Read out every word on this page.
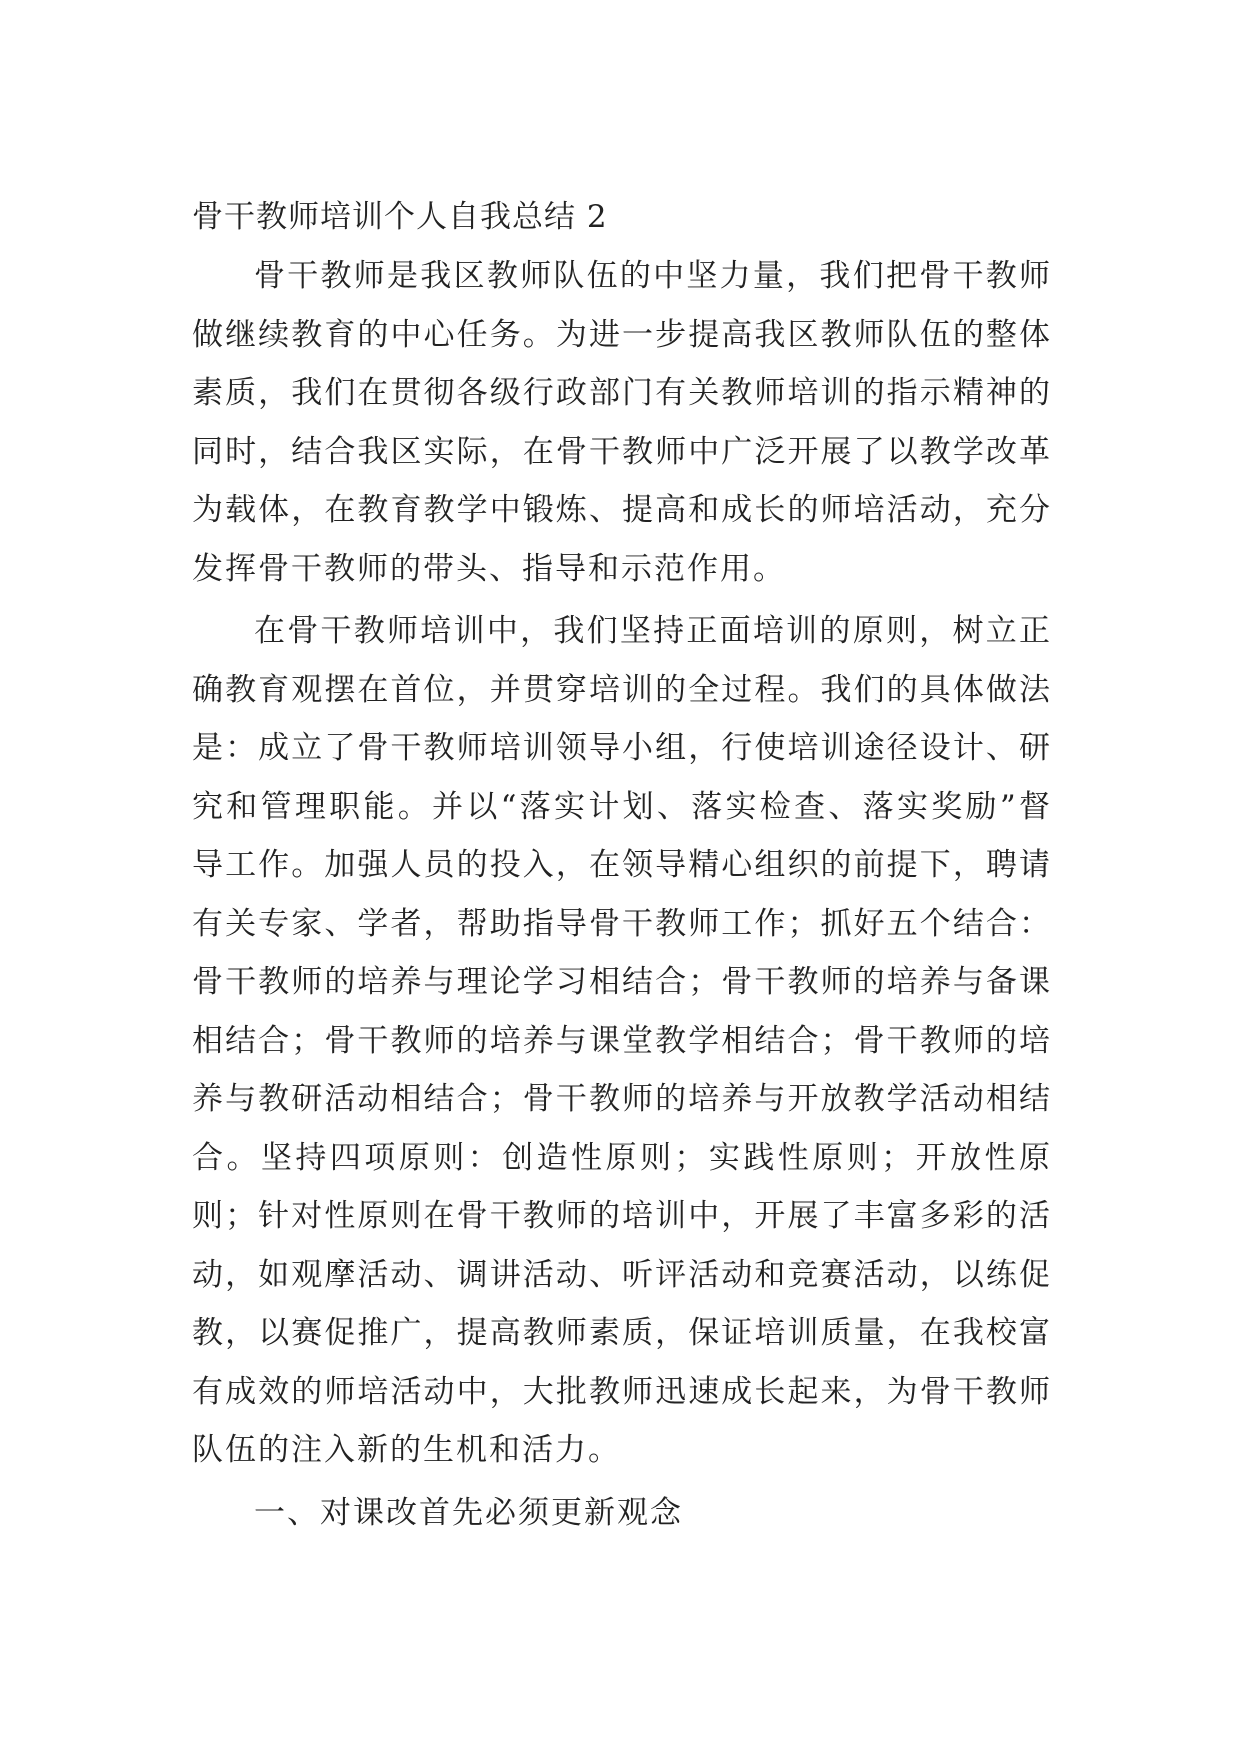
骨干教师培训个人自我总结 2

骨干教师是我区教师队伍的中坚力量，我们把骨干教师做继续教育的中心任务。为进一步提高我区教师队伍的整体素质，我们在贯彻各级行政部门有关教师培训的指示精神的同时，结合我区实际，在骨干教师中广泛开展了以教学改革为载体，在教育教学中锻炼、提高和成长的师培活动，充分发挥骨干教师的带头、指导和示范作用。

在骨干教师培训中，我们坚持正面培训的原则，树立正确教育观摆在首位，并贯穿培训的全过程。我们的具体做法是：成立了骨干教师培训领导小组，行使培训途径设计、研究和管理职能。并以“落实计划、落实检查、落实奖励”督导工作。加强人员的投入，在领导精心组织的前提下，聘请有关专家、学者，帮助指导骨干教师工作；抓好五个结合：骨干教师的培养与理论学习相结合；骨干教师的培养与备课相结合；骨干教师的培养与课堂教学相结合；骨干教师的培养与教研活动相结合；骨干教师的培养与开放教学活动相结合。坚持四项原则：创造性原则；实践性原则；开放性原则；针对性原则在骨干教师的培训中，开展了丰富多彩的活动，如观摩活动、调讲活动、听评活动和竞赛活动，以练促教，以赛促推广，提高教师素质，保证培训质量，在我校富有成效的师培活动中，大批教师迅速成长起来，为骨干教师队伍的注入新的生机和活力。

一、对课改首先必须更新观念
